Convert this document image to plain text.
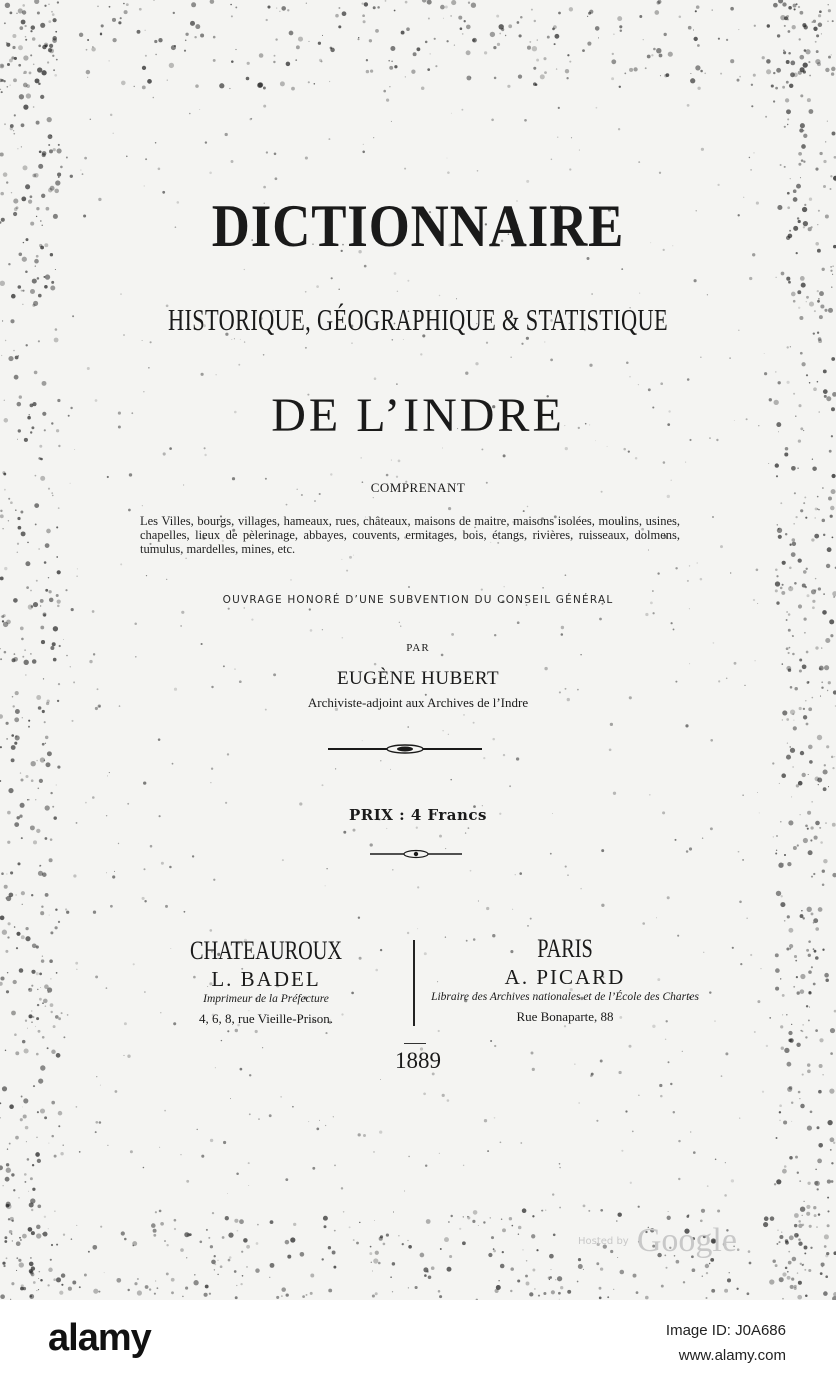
DICTIONNAIRE
HISTORIQUE, GÉOGRAPHIQUE & STATISTIQUE
DE L’INDRE
COMPRENANT
Les Villes, bourgs, villages, hameaux, rues, châteaux, maisons de maitre, maisons isolées, moulins, usines, chapelles, lieux de pèlerinage, abbayes, couvents, ermitages, bois, étangs, rivières, ruisseaux, dolmens, tumulus, mardelles, mines, etc.
OUVRAGE HONORÉ D’UNE SUBVENTION DU CONSEIL GÉNÉRAL
PAR
EUGÈNE HUBERT
Archiviste-adjoint aux Archives de l’Indre
PRIX : 4 Francs
CHATEAUROUX
L. BADEL
Imprimeur de la Préfecture
4, 6, 8, rue Vieille-Prison.
PARIS
A. PICARD
Libraire des Archives nationales et de l’École des Chartes
Rue Bonaparte, 88
1889
Hosted by Google
alamy	Image ID: J0A686
www.alamy.com
